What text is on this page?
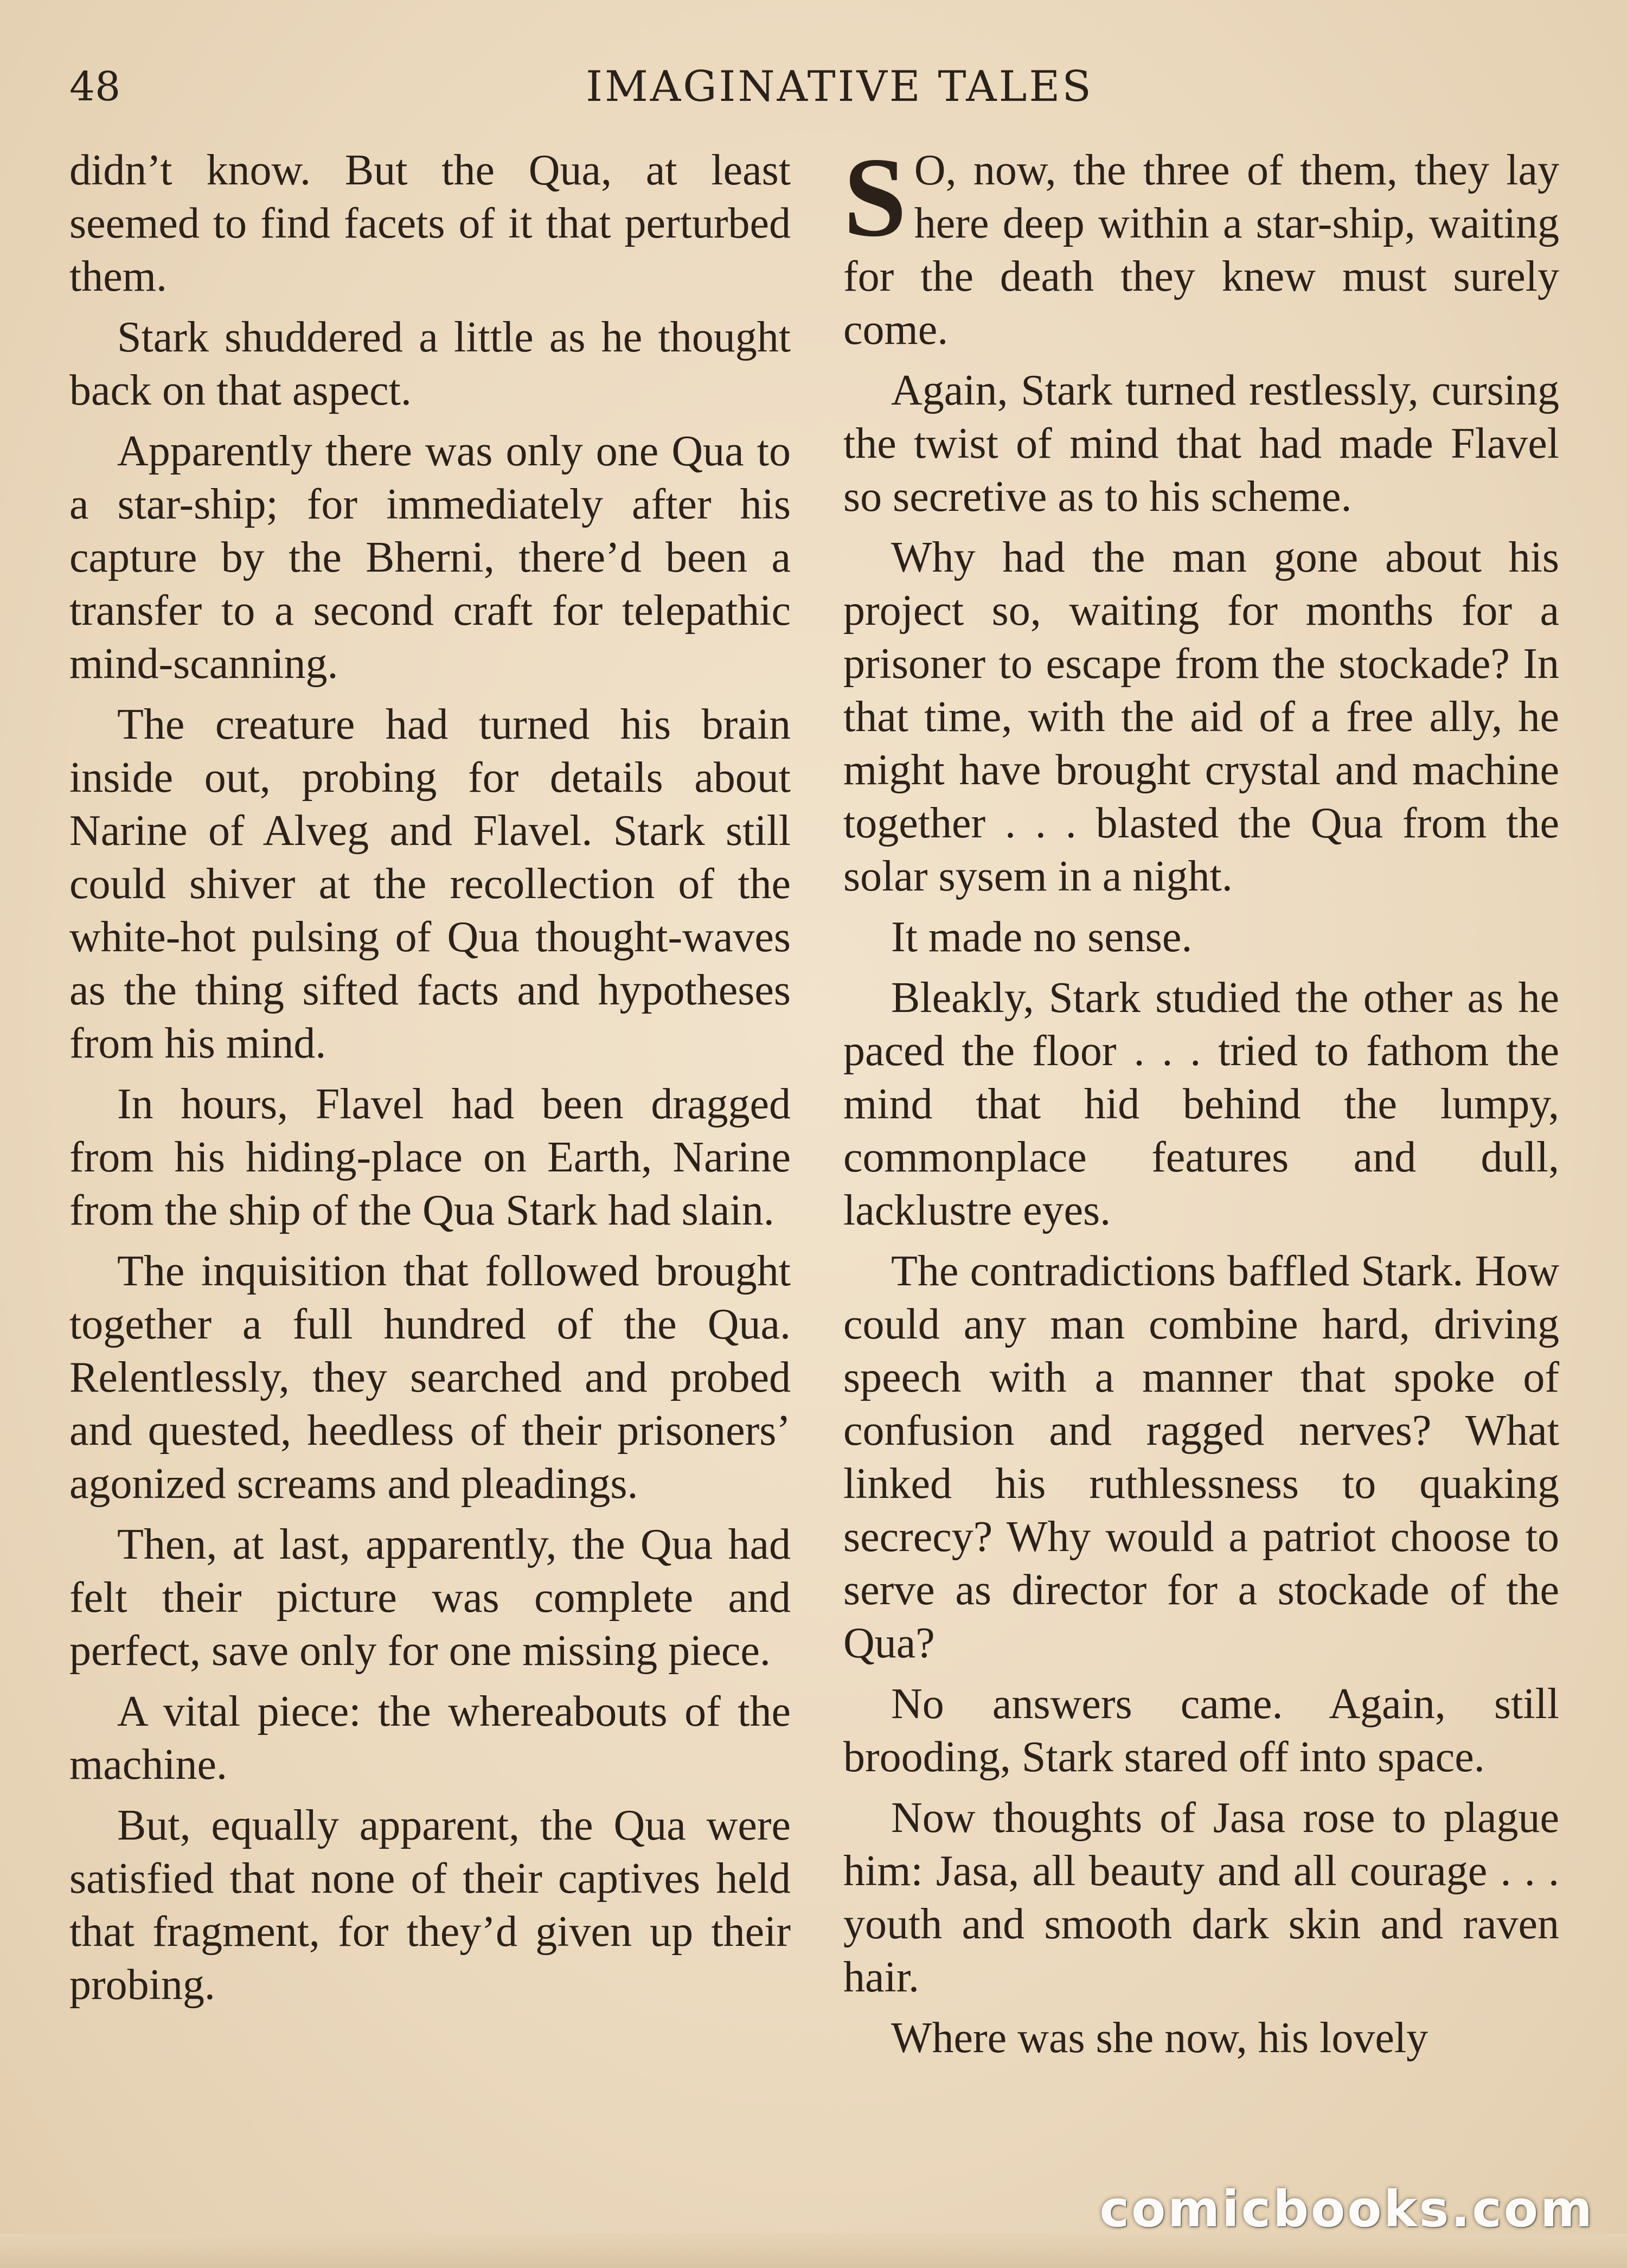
48	IMAGINATIVE TALES

didn’t know. But the Qua, at least seemed to find facets of it that perturbed them.

Stark shuddered a little as he thought back on that aspect.

Apparently there was only one Qua to a star-ship; for immediately after his capture by the Bherni, there’d been a transfer to a second craft for telepathic mind-scanning.

The creature had turned his brain inside out, probing for details about Narine of Alveg and Flavel. Stark still could shiver at the recollection of the white-hot pulsing of Qua thought-waves as the thing sifted facts and hypotheses from his mind.

In hours, Flavel had been dragged from his hiding-place on Earth, Narine from the ship of the Qua Stark had slain.

The inquisition that followed brought together a full hundred of the Qua. Relentlessly, they searched and probed and quested, heedless of their prisoners’ agonized screams and pleadings.

Then, at last, apparently, the Qua had felt their picture was complete and perfect, save only for one missing piece.

A vital piece: the whereabouts of the machine.

But, equally apparent, the Qua were satisfied that none of their captives held that fragment, for they’d given up their probing.

S O, now, the three of them, they lay here deep within a star-ship, waiting for the death they knew must surely come.

Again, Stark turned restlessly, cursing the twist of mind that had made Flavel so secretive as to his scheme.

Why had the man gone about his project so, waiting for months for a prisoner to escape from the stockade? In that time, with the aid of a free ally, he might have brought crystal and machine together . . . blasted the Qua from the solar sysem in a night.

It made no sense.

Bleakly, Stark studied the other as he paced the floor . . . tried to fathom the mind that hid behind the lumpy, commonplace features and dull, lacklustre eyes.

The contradictions baffled Stark. How could any man combine hard, driving speech with a manner that spoke of confusion and ragged nerves? What linked his ruthlessness to quaking secrecy? Why would a patriot choose to serve as director for a stockade of the Qua?

No answers came. Again, still brooding, Stark stared off into space.

Now thoughts of Jasa rose to plague him: Jasa, all beauty and all courage . . . youth and smooth dark skin and raven hair.

Where was she now, his lovely

comicbooks.com
